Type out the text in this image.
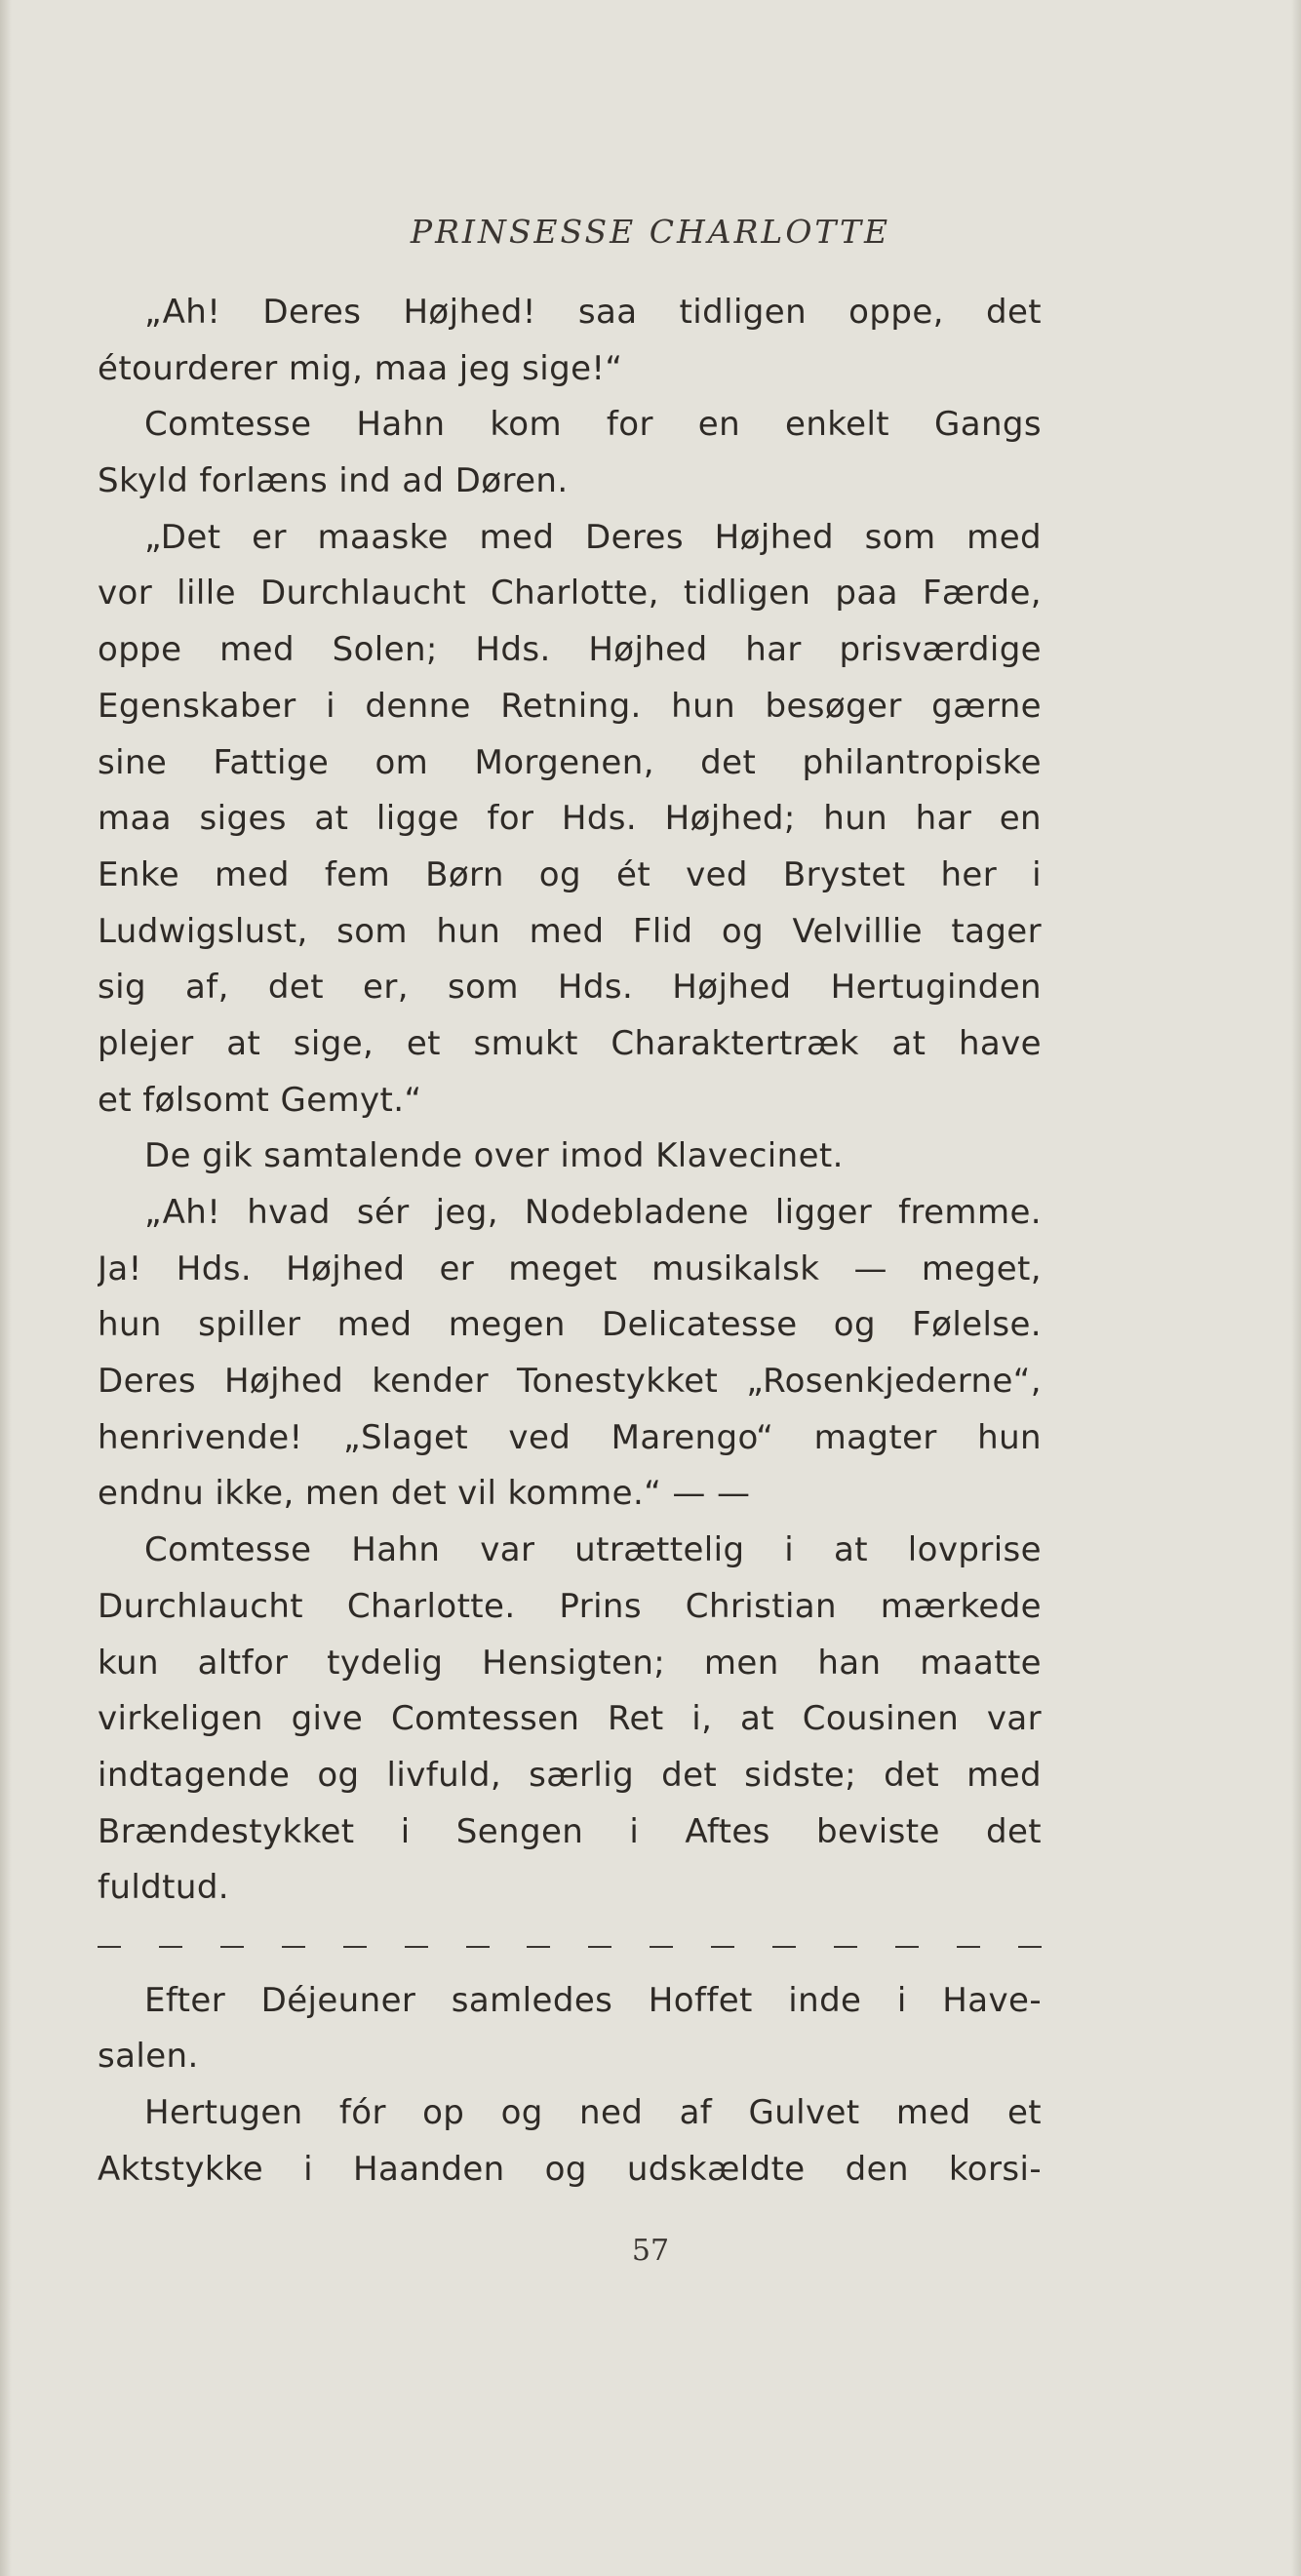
PRINSESSE CHARLOTTE
„Ah! Deres Højhed! saa tidligen oppe, det
étourderer mig, maa jeg sige!“
Comtesse Hahn kom for en enkelt Gangs
Skyld forlæns ind ad Døren.
„Det er maaske med Deres Højhed som med
vor lille Durchlaucht Charlotte, tidligen paa Færde,
oppe med Solen; Hds. Højhed har prisværdige
Egenskaber i denne Retning. hun besøger gærne
sine Fattige om Morgenen, det philantropiske
maa siges at ligge for Hds. Højhed; hun har en
Enke med fem Børn og ét ved Brystet her i
Ludwigslust, som hun med Flid og Velvillie tager
sig af, det er, som Hds. Højhed Hertuginden
plejer at sige, et smukt Charaktertræk at have
et følsomt Gemyt.“
De gik samtalende over imod Klavecinet.
„Ah! hvad sér jeg, Nodebladene ligger fremme.
Ja! Hds. Højhed er meget musikalsk — meget,
hun spiller med megen Delicatesse og Følelse.
Deres Højhed kender Tonestykket „Rosenkjederne“,
henrivende! „Slaget ved Marengo“ magter hun
endnu ikke, men det vil komme.“ — —
Comtesse Hahn var utrættelig i at lovprise
Durchlaucht Charlotte. Prins Christian mærkede
kun altfor tydelig Hensigten; men han maatte
virkeligen give Comtessen Ret i, at Cousinen var
indtagende og livfuld, særlig det sidste; det med
Brændestykket i Sengen i Aftes beviste det
fuldtud.
Efter Déjeuner samledes Hoffet inde i Have-
salen.
Hertugen fór op og ned af Gulvet med et
Aktstykke i Haanden og udskældte den korsi-
57
